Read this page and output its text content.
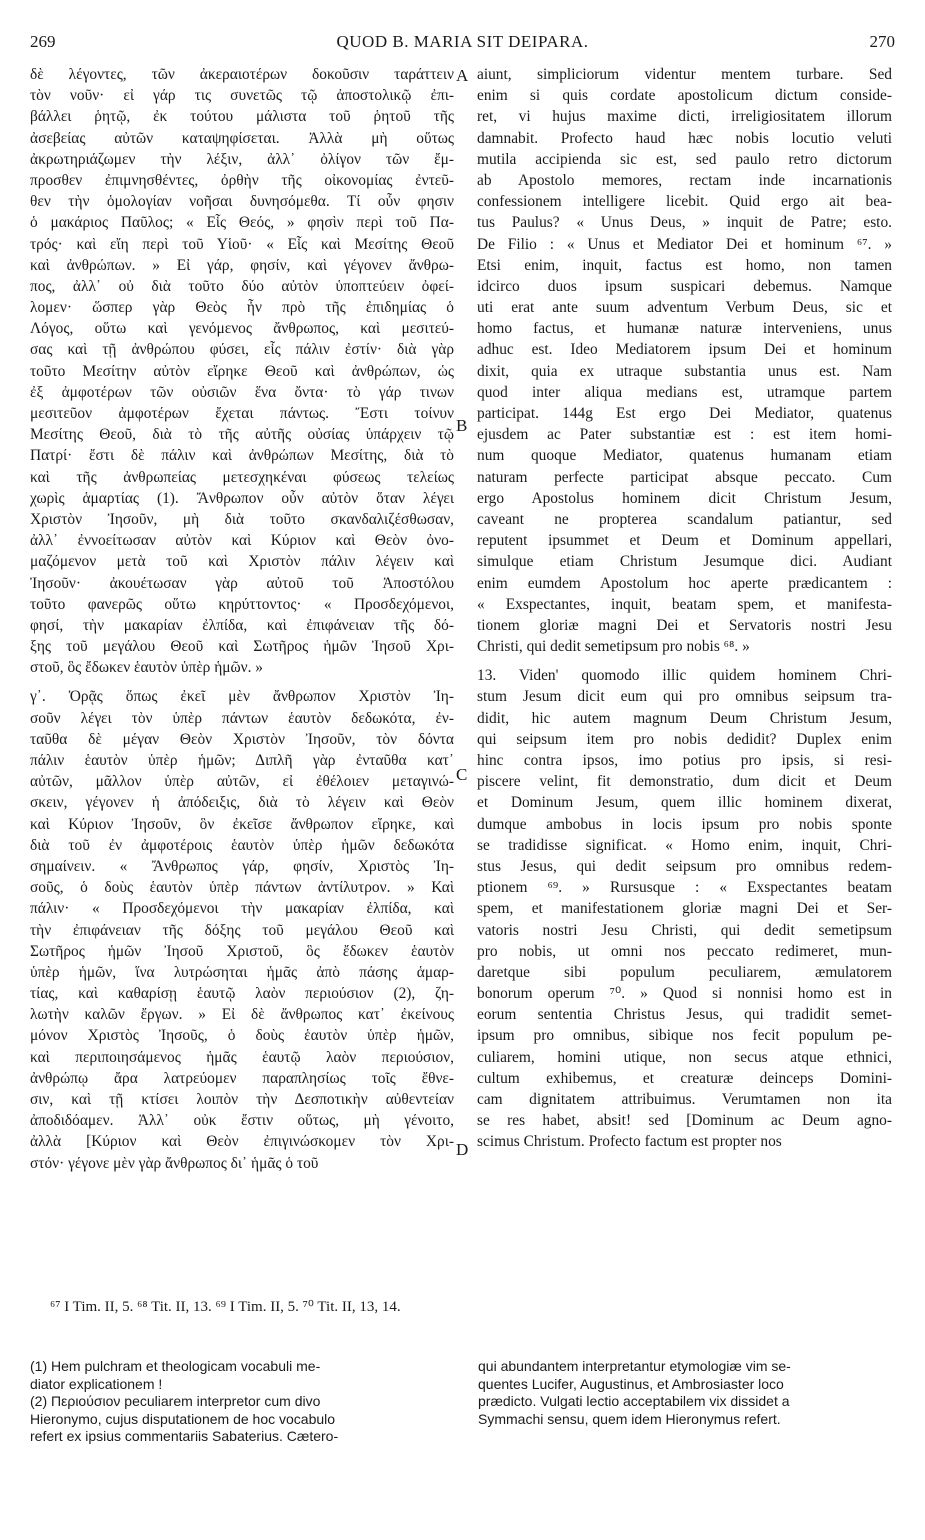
269	QUOD B. MARIA SIT DEIPARA.	270
δὲ λέγοντες, τῶν ἀκεραιοτέρων δοκοῦσιν ταράττειν
τὸν νοῦν· εἰ γάρ τις συνετῶς τῷ ἀποστολικῷ ἐπι-
βάλλει ῥητῷ, ἐκ τούτου μάλιστα τοῦ ῥητοῦ τῆς
ἀσεβείας αὐτῶν καταψηφίσεται. Ἀλλὰ μὴ οὕτως
ἀκρωτηριάζωμεν τὴν λέξιν, ἀλλ᾽ ὀλίγον τῶν ἔμ-
προσθεν ἐπιμνησθέντες, ὀρθὴν τῆς οἰκονομίας ἐντεῦ-
θεν τὴν ὁμολογίαν νοῆσαι δυνησόμεθα. Τί οὖν φησιν
ὁ μακάριος Παῦλος; « Εἷς Θεός, » φησὶν περὶ τοῦ Πα-
τρός· καὶ εἴη περὶ τοῦ Υἱοῦ· « Εἷς καὶ Μεσίτης Θεοῦ
καὶ ἀνθρώπων. » Εἰ γάρ, φησίν, καὶ γέγονεν ἄνθρω-
πος, ἀλλ᾽ οὐ διὰ τοῦτο δύο αὐτὸν ὑποπτεύειν ὀφεί-
λομεν· ὥσπερ γὰρ Θεὸς ἦν πρὸ τῆς ἐπιδημίας ὁ
Λόγος, οὕτω καὶ γενόμενος ἄνθρωπος, καὶ μεσιτεύ-
σας καὶ τῇ ἀνθρώπου φύσει, εἷς πάλιν ἐστίν· διὰ γὰρ
τοῦτο Μεσίτην αὐτὸν εἴρηκε Θεοῦ καὶ ἀνθρώπων, ὡς
ἐξ ἀμφοτέρων τῶν οὐσιῶν ἕνα ὄντα· τὸ γάρ τινων
μεσιτεῦον ἀμφοτέρων ἔχεται πάντως. Ἔστι τοίνυν
Μεσίτης Θεοῦ, διὰ τὸ τῆς αὐτῆς οὐσίας ὑπάρχειν τῷ
Πατρί· ἔστι δὲ πάλιν καὶ ἀνθρώπων Μεσίτης, διὰ τὸ
καὶ τῆς ἀνθρωπείας μετεσχηκέναι φύσεως τελείως
χωρὶς ἁμαρτίας (1). Ἄνθρωπον οὖν αὐτὸν ὅταν λέγει
Χριστὸν Ἰησοῦν, μὴ διὰ τοῦτο σκανδαλιζέσθωσαν,
ἀλλ᾽ ἐννοείτωσαν αὐτὸν καὶ Κύριον καὶ Θεὸν ὀνο-
μαζόμενον μετὰ τοῦ καὶ Χριστὸν πάλιν λέγειν καὶ
Ἰησοῦν· ἀκουέτωσαν γὰρ αὐτοῦ τοῦ Ἀποστόλου
τοῦτο φανερῶς οὕτω κηρύττοντος· « Προσδεχόμενοι,
φησί, τὴν μακαρίαν ἐλπίδα, καὶ ἐπιφάνειαν τῆς δό-
ξης τοῦ μεγάλου Θεοῦ καὶ Σωτῆρος ἡμῶν Ἰησοῦ Χρι-
στοῦ, ὃς ἔδωκεν ἑαυτὸν ὑπὲρ ἡμῶν. »
γ᾽. Ὁρᾷς ὅπως ἐκεῖ μὲν ἄνθρωπον Χριστὸν Ἰη-
σοῦν λέγει τὸν ὑπὲρ πάντων ἑαυτὸν δεδωκότα, ἐν-
ταῦθα δὲ μέγαν Θεὸν Χριστὸν Ἰησοῦν, τὸν δόντα
πάλιν ἑαυτὸν ὑπὲρ ἡμῶν; Διπλῆ γὰρ ἐνταῦθα κατ᾽
αὐτῶν, μᾶλλον ὑπὲρ αὐτῶν, εἰ ἐθέλοιεν μεταγινώ-
σκειν, γέγονεν ἡ ἀπόδειξις, διὰ τὸ λέγειν καὶ Θεὸν
καὶ Κύριον Ἰησοῦν, ὃν ἐκεῖσε ἄνθρωπον εἴρηκε, καὶ
διὰ τοῦ ἐν ἀμφοτέροις ἑαυτὸν ὑπὲρ ἡμῶν δεδωκότα
σημαίνειν. « Ἄνθρωπος γάρ, φησίν, Χριστὸς Ἰη-
σοῦς, ὁ δοὺς ἑαυτὸν ὑπὲρ πάντων ἀντίλυτρον. » Καὶ
πάλιν· « Προσδεχόμενοι τὴν μακαρίαν ἐλπίδα, καὶ
τὴν ἐπιφάνειαν τῆς δόξης τοῦ μεγάλου Θεοῦ καὶ
Σωτῆρος ἡμῶν Ἰησοῦ Χριστοῦ, ὃς ἔδωκεν ἑαυτὸν
ὑπὲρ ἡμῶν, ἵνα λυτρώσηται ἡμᾶς ἀπὸ πάσης ἁμαρ-
τίας, καὶ καθαρίσῃ ἑαυτῷ λαὸν περιούσιον (2), ζη-
λωτὴν καλῶν ἔργων. » Εἰ δὲ ἄνθρωπος κατ᾽ ἐκείνους
μόνον Χριστὸς Ἰησοῦς, ὁ δοὺς ἑαυτὸν ὑπὲρ ἡμῶν,
καὶ περιποιησάμενος ἡμᾶς ἑαυτῷ λαὸν περιούσιον,
ἀνθρώπῳ ἄρα λατρεύομεν παραπλησίως τοῖς ἔθνε-
σιν, καὶ τῇ κτίσει λοιπὸν τὴν Δεσποτικὴν αὐθεντείαν
ἀποδιδόαμεν. Ἀλλ᾽ οὐκ ἔστιν οὕτως, μὴ γένοιτο,
ἀλλὰ [Κύριον καὶ Θεὸν ἐπιγινώσκομεν τὸν Χρι-
στόν· γέγονε μὲν γὰρ ἄνθρωπος δι᾽ ἡμᾶς ὁ τοῦ
aiunt, simpliciorum videntur mentem turbare. Sed
enim si quis cordate apostolicum dictum conside-
ret, vi hujus maxime dicti, irreligiositatem illorum
damnabit. Profecto haud hæc nobis locutio veluti
mutila accipienda sic est, sed paulo retro dictorum
ab Apostolo memores, rectam inde incarnationis
confessionem intelligere licebit. Quid ergo ait bea-
tus Paulus? « Unus Deus, » inquit de Patre; esto.
De Filio : « Unus et Mediator Dei et hominum ⁶⁷. »
Etsi enim, inquit, factus est homo, non tamen
idcirco duos ipsum suspicari debemus. Namque
uti erat ante suum adventum Verbum Deus, sic et
homo factus, et humanæ naturæ interveniens, unus
adhuc est. Ideo Mediatorem ipsum Dei et hominum
dixit, quia ex utraque substantia unus est. Nam
quod inter aliqua medians est, utramque partem
participat. 144g Est ergo Dei Mediator, quatenus
ejusdem ac Pater substantiæ est : est item homi-
num quoque Mediator, quatenus humanam etiam
naturam perfecte participat absque peccato. Cum
ergo Apostolus hominem dicit Christum Jesum,
caveant ne propterea scandalum patiantur, sed
reputent ipsummet et Deum et Dominum appellari,
simulque etiam Christum Jesumque dici. Audiant
enim eumdem Apostolum hoc aperte prædicantem :
« Exspectantes, inquit, beatam spem, et manifesta-
tionem gloriæ magni Dei et Servatoris nostri Jesu
Christi, qui dedit semetipsum pro nobis ⁶⁸. »
13. Viden' quomodo illic quidem hominem Chri-
stum Jesum dicit eum qui pro omnibus seipsum tra-
didit, hic autem magnum Deum Christum Jesum,
qui seipsum item pro nobis dedidit? Duplex enim
hinc contra ipsos, imo potius pro ipsis, si resi-
piscere velint, fit demonstratio, dum dicit et Deum
et Dominum Jesum, quem illic hominem dixerat,
dumque ambobus in locis ipsum pro nobis sponte
se tradidisse significat. « Homo enim, inquit, Chri-
stus Jesus, qui dedit seipsum pro omnibus redem-
ptionem ⁶⁹. » Rursusque : « Exspectantes beatam
spem, et manifestationem gloriæ magni Dei et Ser-
vatoris nostri Jesu Christi, qui dedit semetipsum
pro nobis, ut omni nos peccato redimeret, mun-
daretque sibi populum peculiarem, æmulatorem
bonorum operum ⁷⁰. » Quod si nonnisi homo est in
eorum sententia Christus Jesus, qui tradidit semet-
ipsum pro omnibus, sibique nos fecit populum pe-
culiarem, homini utique, non secus atque ethnici,
cultum exhibemus, et creaturæ deinceps Domini-
cam dignitatem attribuimus. Verumtamen non ita
se res habet, absit! sed [Dominum ac Deum agno-
scimus Christum. Profecto factum est propter nos
A
B
C
D
⁶⁷ I Tim. II, 5. ⁶⁸ Tit. II, 13. ⁶⁹ I Tim. II, 5. ⁷⁰ Tit. II, 13, 14.
(1) Hem pulchram et theologicam vocabuli me-
diator explicationem !
(2) Περιούσιον peculiarem interpretor cum divo
Hieronymo, cujus disputationem de hoc vocabulo
refert ex ipsius commentariis Sabaterius. Cætero-
qui abundantem interpretantur etymologiæ vim se-
quentes Lucifer, Augustinus, et Ambrosiaster loco
prædicto. Vulgati lectio acceptabilem vix dissidet a
Symmachi sensu, quem idem Hieronymus refert.
